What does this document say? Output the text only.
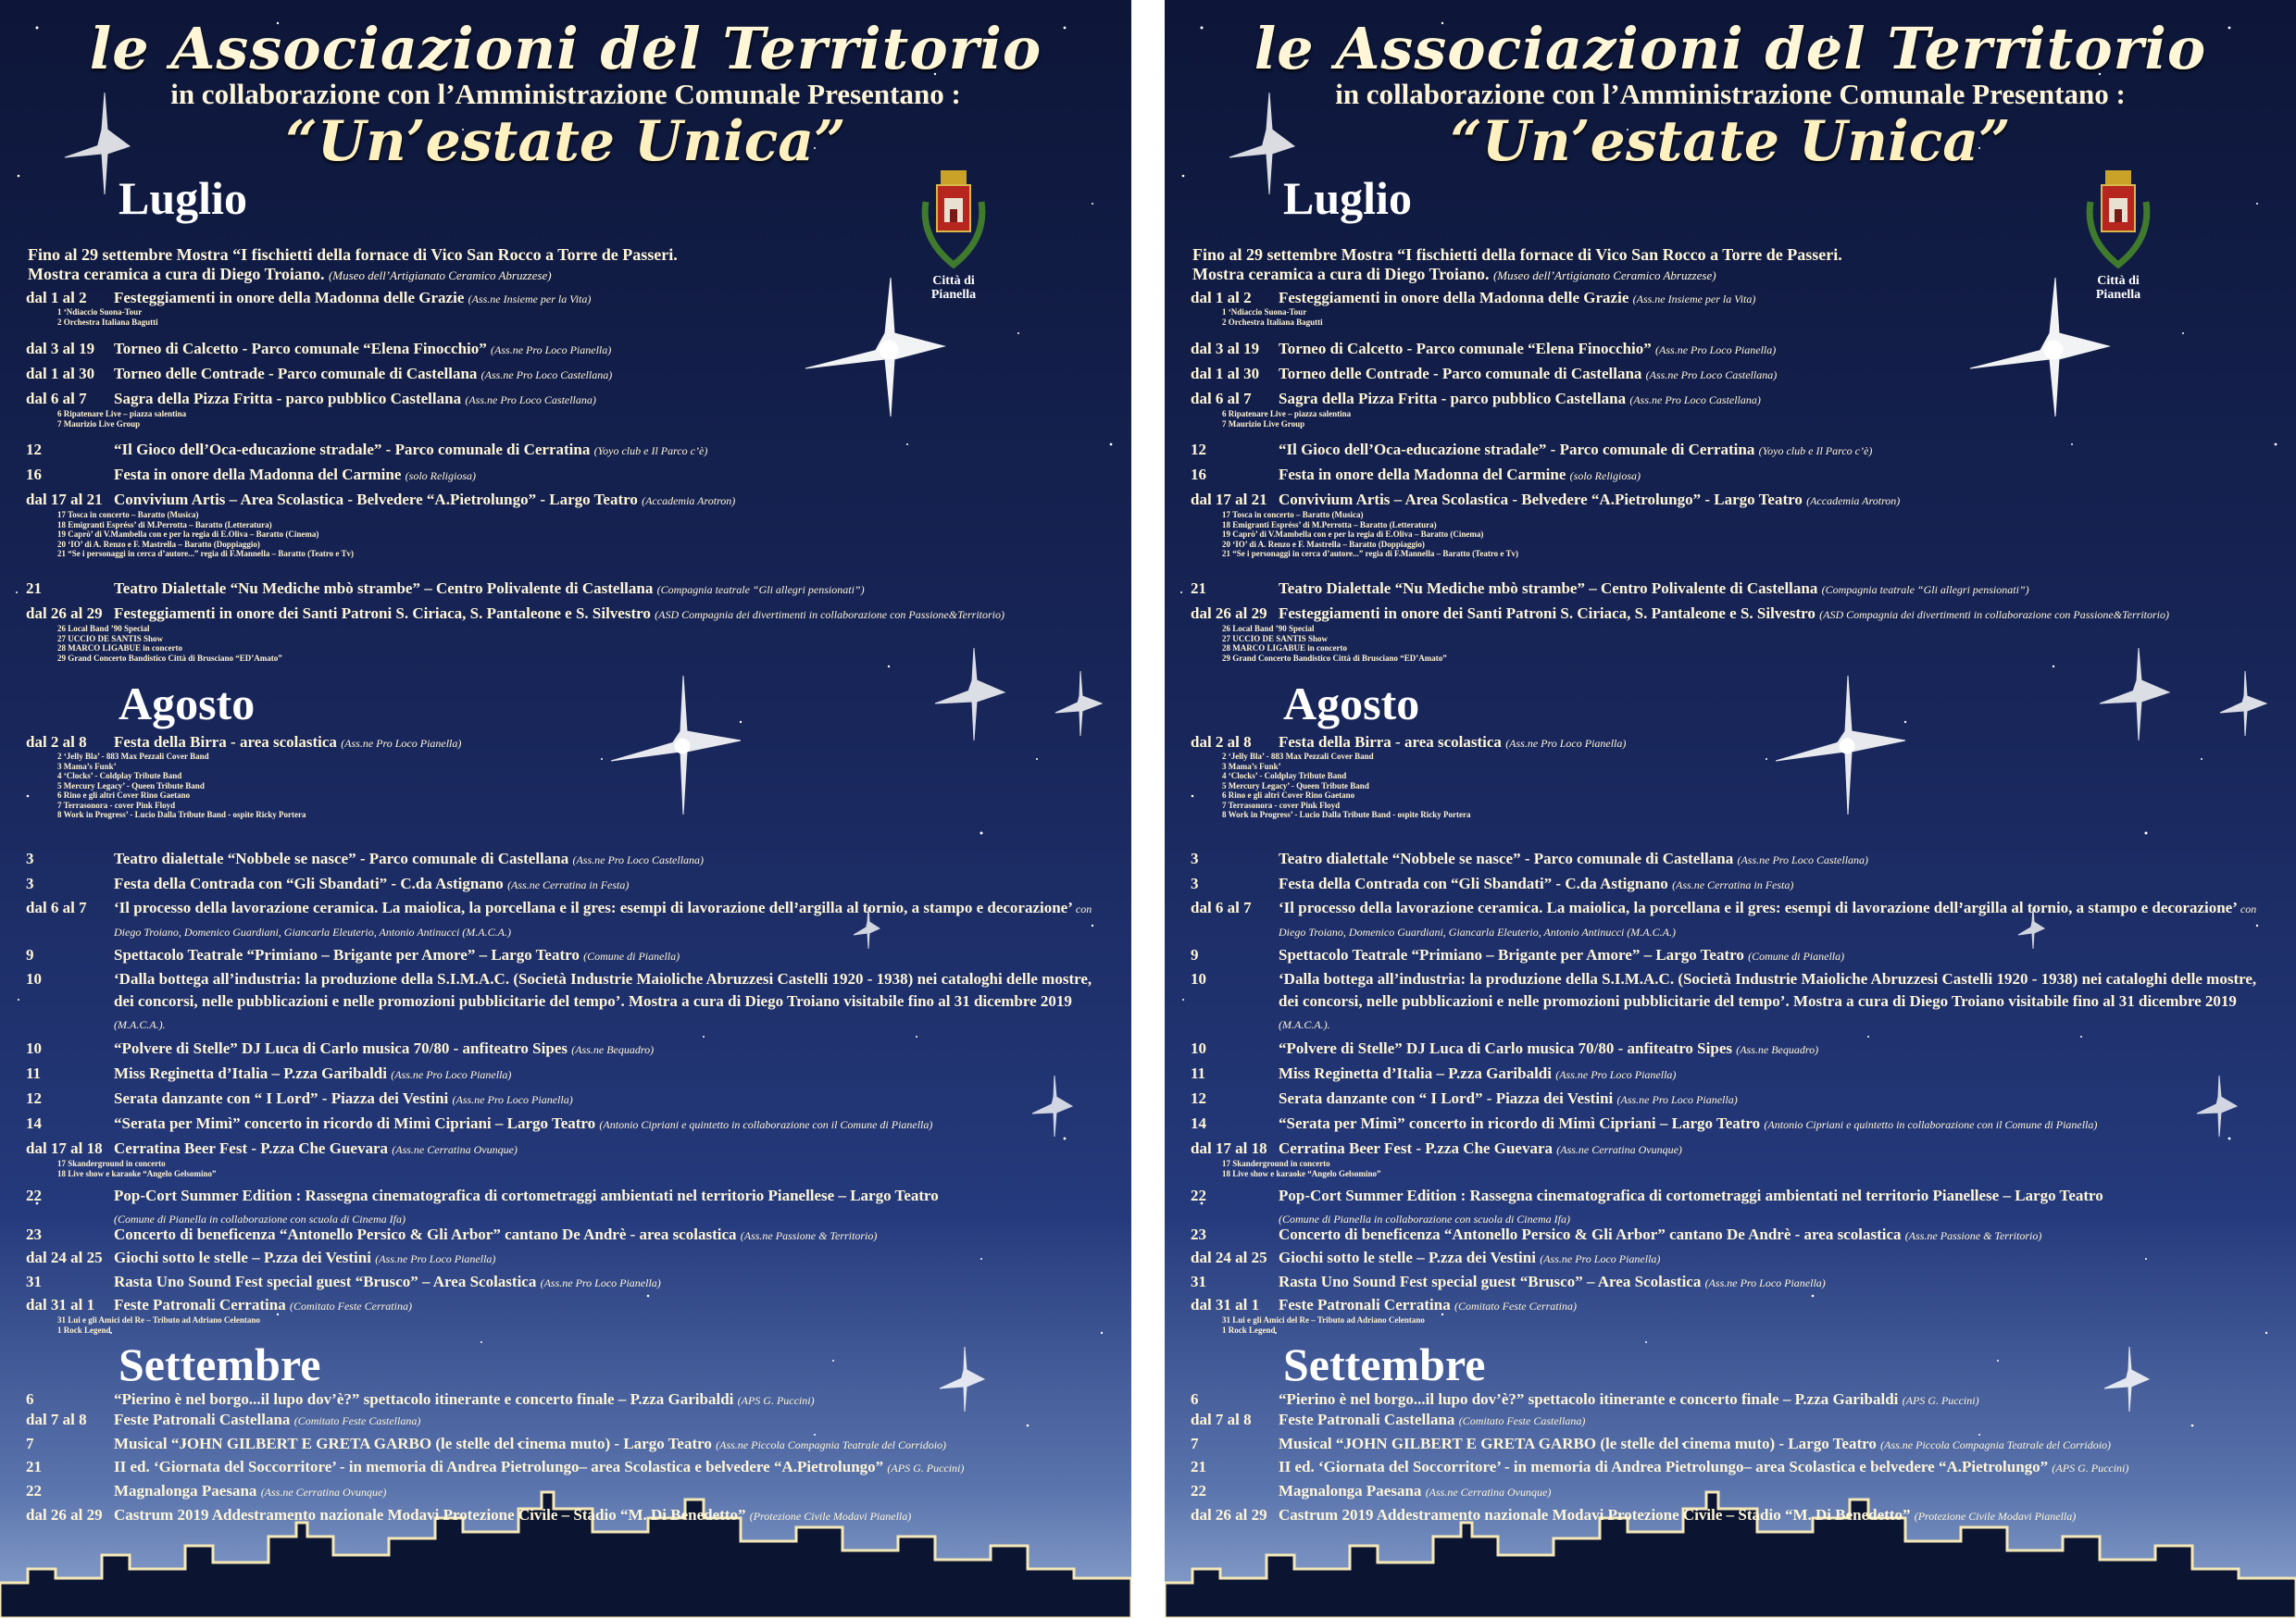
le Associazioni del Territorio
in collaborazione con l’Amministrazione Comunale Presentano :
“Un’estate Unica”
Città di Pianella
Luglio
Fino al 29 settembre Mostra “I fischietti della fornace di Vico San Rocco a Torre de Passeri.
Mostra ceramica a cura di Diego Troiano. (Museo dell’Artigianato Ceramico Abruzzese)
dal 1 al 2	Festeggiamenti in onore della Madonna delle Grazie (Ass.ne Insieme per la Vita)
1 ‘Ndiaccio Suona-Tour
2 Orchestra Italiana Bagutti
dal 3 al 19	Torneo di Calcetto - Parco comunale “Elena Finocchio” (Ass.ne Pro Loco Pianella)
dal 1 al 30	Torneo delle Contrade - Parco comunale di Castellana (Ass.ne Pro Loco Castellana)
dal 6 al 7	Sagra della Pizza Fritta - parco pubblico Castellana (Ass.ne Pro Loco Castellana)
6 Ripatenare Live – piazza salentina
7 Maurizio Live Group
12	“Il Gioco dell’Oca-educazione stradale” - Parco comunale di Cerratina (Yoyo club e Il Parco c’è)
16	Festa in onore della Madonna del Carmine (solo Religiosa)
dal 17 al 21 Convivium Artis – Area Scolastica - Belvedere “A.Pietrolungo” - Largo Teatro (Accademia Arotron)
17 Tosca in concerto – Baratto (Musica)
18 Emigranti Espréss’ di M.Perrotta – Baratto (Letteratura)
19 Caprò’ di V.Mambella con e per la regia di E.Oliva – Baratto (Cinema)
20 ‘IO’ di A. Renzo e F. Mastrella – Baratto (Doppiaggio)
21 “Se i personaggi in cerca d’autore...” regia di F.Mannella – Baratto (Teatro e Tv)
21	Teatro Dialettale “Nu Mediche mbò strambe” – Centro Polivalente di Castellana (Compagnia teatrale “Gli allegri pensionati”)
dal 26 al 29 Festeggiamenti in onore dei Santi Patroni S. Ciriaca, S. Pantaleone e S. Silvestro (ASD Compagnia dei divertimenti in collaborazione con Passione&Territorio)
26 Local Band ’90 Special
27 UCCIO DE SANTIS Show
28 MARCO LIGABUE in concerto
29 Grand Concerto Bandistico Città di Brusciano “ED’Amato”
Agosto
dal 2 al 8	Festa della Birra - area scolastica (Ass.ne Pro Loco Pianella)
2 ‘Jelly Bla’ - 883 Max Pezzali Cover Band
3 Mama’s Funk’
4 ‘Clocks’ - Coldplay Tribute Band
5 Mercury Legacy’ - Queen Tribute Band
6 Rino e gli altri Cover Rino Gaetano
7 Terrasonora - cover Pink Floyd
8 Work in Progress’ - Lucio Dalla Tribute Band - ospite Ricky Portera
3	Teatro dialettale “Nobbele se nasce” - Parco comunale di Castellana (Ass.ne Pro Loco Castellana)
3	Festa della Contrada con “Gli Sbandati” - C.da Astignano (Ass.ne Cerratina in Festa)
dal 6 al 7	‘Il processo della lavorazione ceramica. La maiolica, la porcellana e il gres: esempi di lavorazione dell’argilla al tornio, a stampo e decorazione’ con Diego Troiano, Domenico Guardiani, Giancarla Eleuterio, Antonio Antinucci (M.A.C.A.)
9	Spettacolo Teatrale “Primiano – Brigante per Amore” – Largo Teatro (Comune di Pianella)
10	‘Dalla bottega all’industria: la produzione della S.I.M.A.C. (Società Industrie Maioliche Abruzzesi Castelli 1920 - 1938) nei cataloghi delle mostre, dei concorsi, nelle pubblicazioni e nelle promozioni pubblicitarie del tempo’. Mostra a cura di Diego Troiano visitabile fino al 31 dicembre 2019 (M.A.C.A.).
10	“Polvere di Stelle” DJ Luca di Carlo musica 70/80 - anfiteatro Sipes (Ass.ne Bequadro)
11	Miss Reginetta d’Italia – P.zza Garibaldi (Ass.ne Pro Loco Pianella)
12	Serata danzante con “ I Lord” - Piazza dei Vestini (Ass.ne Pro Loco Pianella)
14	“Serata per Mimì” concerto in ricordo di Mimì Cipriani – Largo Teatro (Antonio Cipriani e quintetto in collaborazione con il Comune di Pianella)
dal 17 al 18 Cerratina Beer Fest - P.zza Che Guevara (Ass.ne Cerratina Ovunque)
17 Skanderground in concerto
18 Live show e karaoke “Angelo Gelsomino”
22	Pop-Cort Summer Edition : Rassegna cinematografica di cortometraggi ambientati nel territorio Pianellese – Largo Teatro
(Comune di Pianella in collaborazione con scuola di Cinema Ifa)
23	Concerto di beneficenza “Antonello Persico & Gli Arbor” cantano De Andrè - area scolastica (Ass.ne Passione & Territorio)
dal 24 al 25 Giochi sotto le stelle – P.zza dei Vestini (Ass.ne Pro Loco Pianella)
31	Rasta Uno Sound Fest special guest “Brusco” – Area Scolastica (Ass.ne Pro Loco Pianella)
dal 31 al 1	Feste Patronali Cerratina (Comitato Feste Cerratina)
31 Lui e gli Amici del Re – Tributo ad Adriano Celentano
1 Rock Legend
Settembre
6	“Pierino è nel borgo...il lupo dov’è?” spettacolo itinerante e concerto finale – P.zza Garibaldi (APS G. Puccini)
dal 7 al 8	Feste Patronali Castellana (Comitato Feste Castellana)
7	Musical “JOHN GILBERT E GRETA GARBO (le stelle del cinema muto) - Largo Teatro (Ass.ne Piccola Compagnia Teatrale del Corridoio)
21	II ed. ‘Giornata del Soccorritore’ - in memoria di Andrea Pietrolungo– area Scolastica e belvedere “A.Pietrolungo” (APS G. Puccini)
22	Magnalonga Paesana (Ass.ne Cerratina Ovunque)
dal 26 al 29 Castrum 2019 Addestramento nazionale Modavi Protezione Civile – Stadio “M. Di Benedetto” (Protezione Civile Modavi Pianella)
le Associazioni del Territorio
in collaborazione con l’Amministrazione Comunale Presentano :
“Un’estate Unica”
Città di Pianella
Luglio
Fino al 29 settembre Mostra “I fischietti della fornace di Vico San Rocco a Torre de Passeri.
Mostra ceramica a cura di Diego Troiano. (Museo dell’Artigianato Ceramico Abruzzese)
dal 1 al 2	Festeggiamenti in onore della Madonna delle Grazie (Ass.ne Insieme per la Vita)
1 ‘Ndiaccio Suona-Tour
2 Orchestra Italiana Bagutti
dal 3 al 19	Torneo di Calcetto - Parco comunale “Elena Finocchio” (Ass.ne Pro Loco Pianella)
dal 1 al 30	Torneo delle Contrade - Parco comunale di Castellana (Ass.ne Pro Loco Castellana)
dal 6 al 7	Sagra della Pizza Fritta - parco pubblico Castellana (Ass.ne Pro Loco Castellana)
6 Ripatenare Live – piazza salentina
7 Maurizio Live Group
12	“Il Gioco dell’Oca-educazione stradale” - Parco comunale di Cerratina (Yoyo club e Il Parco c’è)
16	Festa in onore della Madonna del Carmine (solo Religiosa)
dal 17 al 21 Convivium Artis – Area Scolastica - Belvedere “A.Pietrolungo” - Largo Teatro (Accademia Arotron)
17 Tosca in concerto – Baratto (Musica)
18 Emigranti Espréss’ di M.Perrotta – Baratto (Letteratura)
19 Caprò’ di V.Mambella con e per la regia di E.Oliva – Baratto (Cinema)
20 ‘IO’ di A. Renzo e F. Mastrella – Baratto (Doppiaggio)
21 “Se i personaggi in cerca d’autore...” regia di F.Mannella – Baratto (Teatro e Tv)
21	Teatro Dialettale “Nu Mediche mbò strambe” – Centro Polivalente di Castellana (Compagnia teatrale “Gli allegri pensionati”)
dal 26 al 29 Festeggiamenti in onore dei Santi Patroni S. Ciriaca, S. Pantaleone e S. Silvestro (ASD Compagnia dei divertimenti in collaborazione con Passione&Territorio)
26 Local Band ’90 Special
27 UCCIO DE SANTIS Show
28 MARCO LIGABUE in concerto
29 Grand Concerto Bandistico Città di Brusciano “ED’Amato”
Agosto
dal 2 al 8	Festa della Birra - area scolastica (Ass.ne Pro Loco Pianella)
2 ‘Jelly Bla’ - 883 Max Pezzali Cover Band
3 Mama’s Funk’
4 ‘Clocks’ - Coldplay Tribute Band
5 Mercury Legacy’ - Queen Tribute Band
6 Rino e gli altri Cover Rino Gaetano
7 Terrasonora - cover Pink Floyd
8 Work in Progress’ - Lucio Dalla Tribute Band - ospite Ricky Portera
3	Teatro dialettale “Nobbele se nasce” - Parco comunale di Castellana (Ass.ne Pro Loco Castellana)
3	Festa della Contrada con “Gli Sbandati” - C.da Astignano (Ass.ne Cerratina in Festa)
dal 6 al 7	‘Il processo della lavorazione ceramica. La maiolica, la porcellana e il gres: esempi di lavorazione dell’argilla al tornio, a stampo e decorazione’ con Diego Troiano, Domenico Guardiani, Giancarla Eleuterio, Antonio Antinucci (M.A.C.A.)
9	Spettacolo Teatrale “Primiano – Brigante per Amore” – Largo Teatro (Comune di Pianella)
10	‘Dalla bottega all’industria: la produzione della S.I.M.A.C. (Società Industrie Maioliche Abruzzesi Castelli 1920 - 1938) nei cataloghi delle mostre, dei concorsi, nelle pubblicazioni e nelle promozioni pubblicitarie del tempo’. Mostra a cura di Diego Troiano visitabile fino al 31 dicembre 2019 (M.A.C.A.).
10	“Polvere di Stelle” DJ Luca di Carlo musica 70/80 - anfiteatro Sipes (Ass.ne Bequadro)
11	Miss Reginetta d’Italia – P.zza Garibaldi (Ass.ne Pro Loco Pianella)
12	Serata danzante con “ I Lord” - Piazza dei Vestini (Ass.ne Pro Loco Pianella)
14	“Serata per Mimì” concerto in ricordo di Mimì Cipriani – Largo Teatro (Antonio Cipriani e quintetto in collaborazione con il Comune di Pianella)
dal 17 al 18 Cerratina Beer Fest - P.zza Che Guevara (Ass.ne Cerratina Ovunque)
17 Skanderground in concerto
18 Live show e karaoke “Angelo Gelsomino”
22	Pop-Cort Summer Edition : Rassegna cinematografica di cortometraggi ambientati nel territorio Pianellese – Largo Teatro
(Comune di Pianella in collaborazione con scuola di Cinema Ifa)
23	Concerto di beneficenza “Antonello Persico & Gli Arbor” cantano De Andrè - area scolastica (Ass.ne Passione & Territorio)
dal 24 al 25 Giochi sotto le stelle – P.zza dei Vestini (Ass.ne Pro Loco Pianella)
31	Rasta Uno Sound Fest special guest “Brusco” – Area Scolastica (Ass.ne Pro Loco Pianella)
dal 31 al 1	Feste Patronali Cerratina (Comitato Feste Cerratina)
31 Lui e gli Amici del Re – Tributo ad Adriano Celentano
1 Rock Legend
Settembre
6	“Pierino è nel borgo...il lupo dov’è?” spettacolo itinerante e concerto finale – P.zza Garibaldi (APS G. Puccini)
dal 7 al 8	Feste Patronali Castellana (Comitato Feste Castellana)
7	Musical “JOHN GILBERT E GRETA GARBO (le stelle del cinema muto) - Largo Teatro (Ass.ne Piccola Compagnia Teatrale del Corridoio)
21	II ed. ‘Giornata del Soccorritore’ - in memoria di Andrea Pietrolungo– area Scolastica e belvedere “A.Pietrolungo” (APS G. Puccini)
22	Magnalonga Paesana (Ass.ne Cerratina Ovunque)
dal 26 al 29 Castrum 2019 Addestramento nazionale Modavi Protezione Civile – Stadio “M. Di Benedetto” (Protezione Civile Modavi Pianella)
